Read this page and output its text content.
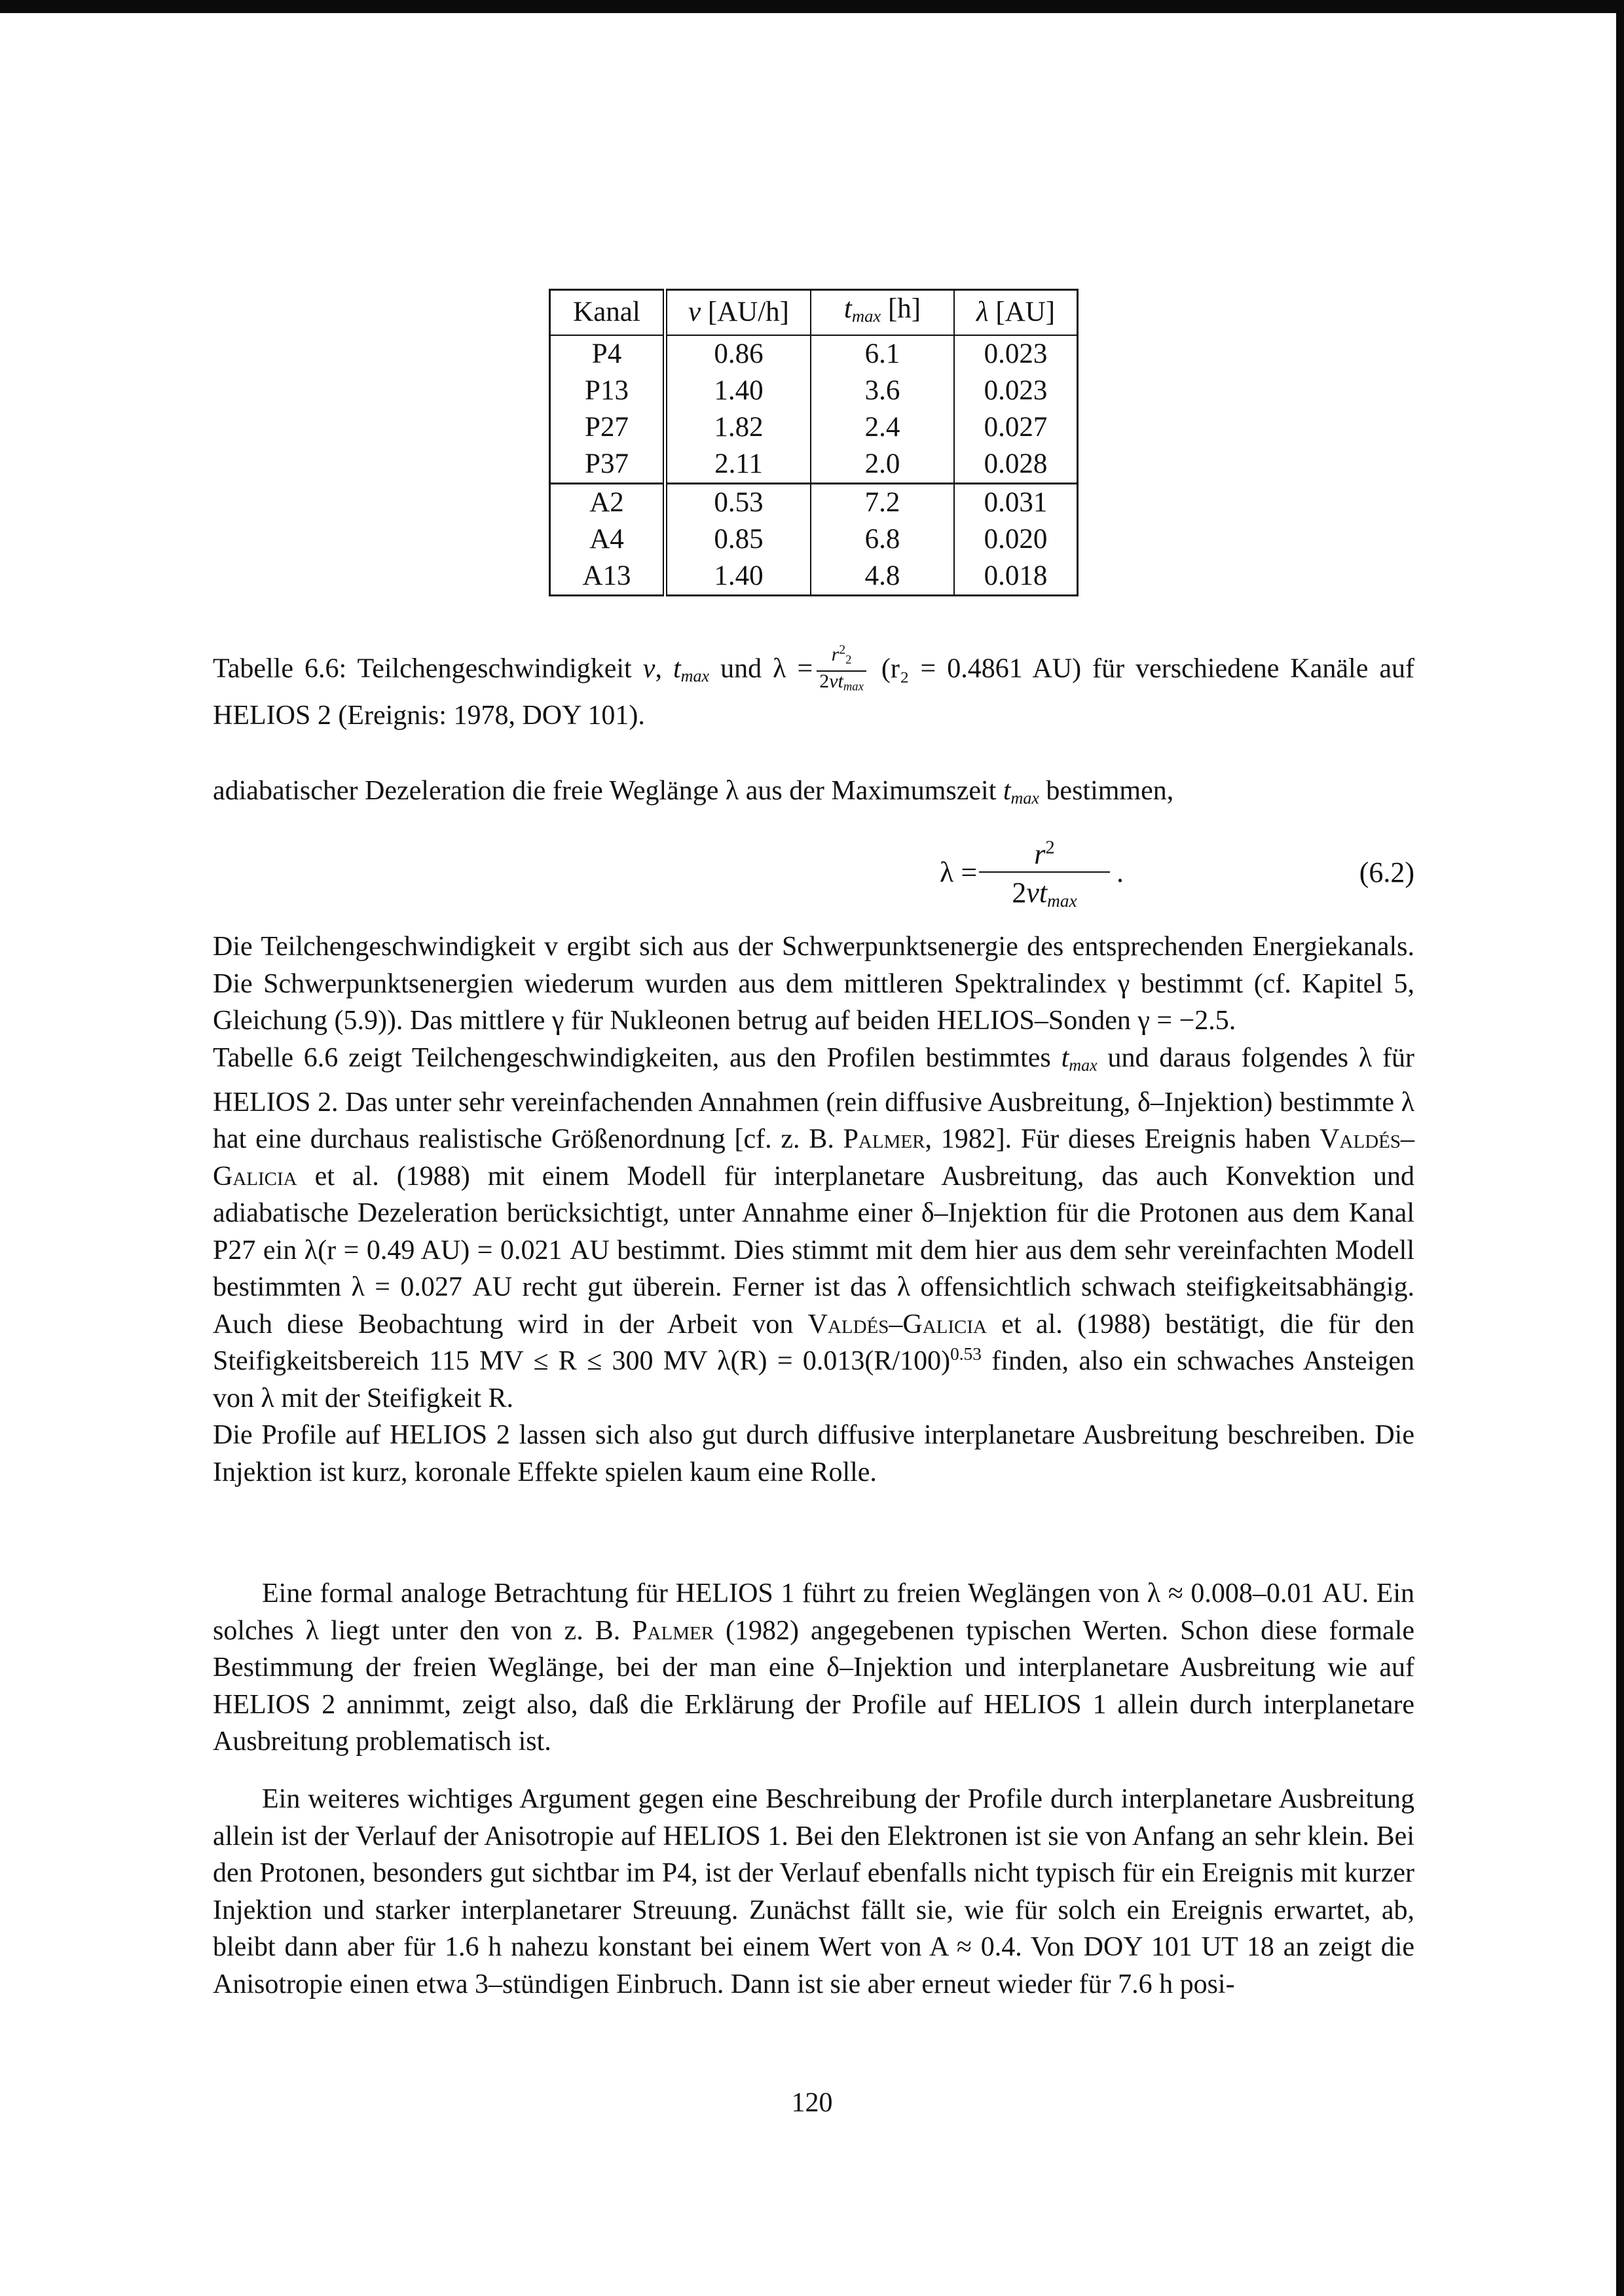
Kanal	v [AU/h]	$t_{max}$ [h]	λ [AU]
P4	0.86	6.1	0.023
P13	1.40	3.6	0.023
P27	1.82	2.4	0.027
P37	2.11	2.0	0.028
A2	0.53	7.2	0.031
A4	0.85	6.8	0.020
A13	1.40	4.8	0.018
Tabelle 6.6: Teilchengeschwindigkeit v, $t_{max}$ und $\lambda = \frac{r^2_2}{2vt_{max}} (r_2 = 0.4861$ AU) für verschiedene Kanäle auf HELIOS 2 (Ereignis: 1978, DOY 101).
adiabatischer Dezeleration die freie Weglänge λ aus der Maximumszeit $t_{max}$ bestimmen,
λ =
$r^2$
$2vt_{max}$
.	(6.2)
Die Teilchengeschwindigkeit v ergibt sich aus der Schwerpunktsenergie des entsprechenden Energiekanals. Die Schwerpunktsenergien wiederum wurden aus dem mittleren Spektralindex γ bestimmt (cf. Kapitel 5, Gleichung (5.9)). Das mittlere γ für Nukleonen betrug auf beiden HELIOS–Sonden γ = −2.5.
Tabelle 6.6 zeigt Teilchengeschwindigkeiten, aus den Profilen bestimmtes $t_{max}$ und daraus folgendes λ für HELIOS 2. Das unter sehr vereinfachenden Annahmen (rein diffusive Ausbreitung, δ–Injektion) bestimmte λ hat eine durchaus realistische Größenordnung [cf. z. B. Palmer, 1982]. Für dieses Ereignis haben Valdés–Galicia et al. (1988) mit einem Modell für interplanetare Ausbreitung, das auch Konvektion und adiabatische Dezeleration berücksichtigt, unter Annahme einer δ–Injektion für die Protonen aus dem Kanal P27 ein λ(r = 0.49 AU) = 0.021 AU bestimmt. Dies stimmt mit dem hier aus dem sehr vereinfachten Modell bestimmten λ = 0.027 AU recht gut überein. Ferner ist das λ offensichtlich schwach steifigkeitsabhängig. Auch diese Beobachtung wird in der Arbeit von Valdés–Galicia et al. (1988) bestätigt, die für den Steifigkeitsbereich 115 MV ≤ R ≤ 300 MV $\lambda(R) = 0.013(R/100)^{0.53}$ finden, also ein schwaches Ansteigen von λ mit der Steifigkeit R.
Die Profile auf HELIOS 2 lassen sich also gut durch diffusive interplanetare Ausbreitung beschreiben. Die Injektion ist kurz, koronale Effekte spielen kaum eine Rolle.
Eine formal analoge Betrachtung für HELIOS 1 führt zu freien Weglängen von λ ≈ 0.008–0.01 AU. Ein solches λ liegt unter den von z. B. Palmer (1982) angegebenen typischen Werten. Schon diese formale Bestimmung der freien Weglänge, bei der man eine δ–Injektion und interplanetare Ausbreitung wie auf HELIOS 2 annimmt, zeigt also, daß die Erklärung der Profile auf HELIOS 1 allein durch interplanetare Ausbreitung problematisch ist.
Ein weiteres wichtiges Argument gegen eine Beschreibung der Profile durch interplanetare Ausbreitung allein ist der Verlauf der Anisotropie auf HELIOS 1. Bei den Elektronen ist sie von Anfang an sehr klein. Bei den Protonen, besonders gut sichtbar im P4, ist der Verlauf ebenfalls nicht typisch für ein Ereignis mit kurzer Injektion und starker interplanetarer Streuung. Zunächst fällt sie, wie für solch ein Ereignis erwartet, ab, bleibt dann aber für 1.6 h nahezu konstant bei einem Wert von A ≈ 0.4. Von DOY 101 UT 18 an zeigt die Anisotropie einen etwa 3–stündigen Einbruch. Dann ist sie aber erneut wieder für 7.6 h posi-
120
